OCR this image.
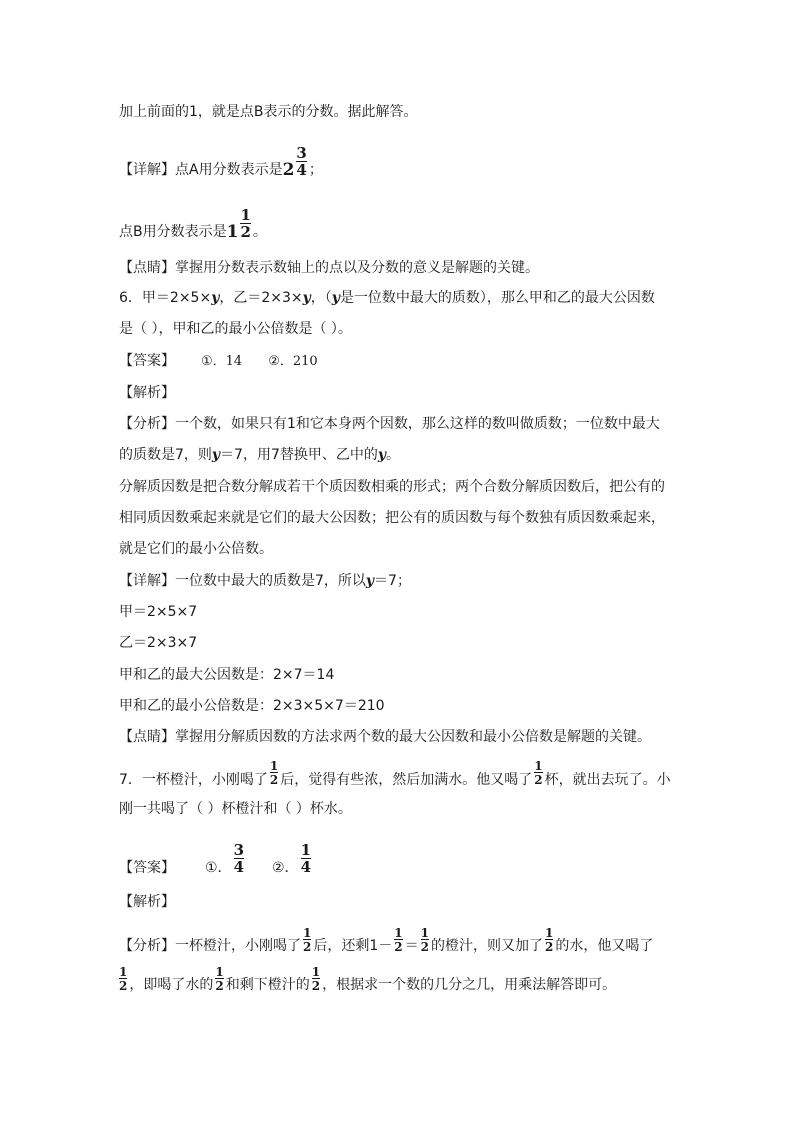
加上前面的1，就是点B表示的分数。据此解答。
【详解】点A用分数表示是$2 \frac{3}{4}$ ；
点B用分数表示是$1 \frac{1}{2}$ 。
【点睛】掌握用分数表示数轴上的点以及分数的意义是解题的关键。
6．甲＝2×5×y，乙＝2×3×y，（y是一位数中最大的质数），那么甲和乙的最大公因数
是（ ），甲和乙的最小公倍数是（ ）。
【答案】 ①．14 ②．210
【解析】
【分析】一个数，如果只有1和它本身两个因数，那么这样的数叫做质数；一位数中最大
的质数是7，则y＝7，用7替换甲、乙中的y。
分解质因数是把合数分解成若干个质因数相乘的形式；两个合数分解质因数后，把公有的
相同质因数乘起来就是它们的最大公因数；把公有的质因数与每个数独有质因数乘起来，
就是它们的最小公倍数。
【详解】一位数中最大的质数是7，所以y＝7；
甲＝2×5×7
乙＝2×3×7
甲和乙的最大公因数是：2×7＝14
甲和乙的最小公倍数是：2×3×5×7＝210
【点睛】掌握用分解质因数的方法求两个数的最大公因数和最小公倍数是解题的关键。
7．一杯橙汁，小刚喝了 $\frac{1}{2}$ 后，觉得有些浓，然后加满水。他又喝了 $\frac{1}{2}$ 杯，就出去玩了。小
刚一共喝了（ ）杯橙汁和（ ）杯水。
【答案】 ①． $\frac{3}{4}$ ②． $\frac{1}{4}$
【解析】
【分析】一杯橙汁，小刚喝了 $\frac{1}{2}$ 后，还剩$1- \frac{1}{2} = \frac{1}{2}$ 的橙汁，则又加了 $\frac{1}{2}$ 的水，他又喝了
$\frac{1}{2}$ ，即喝了水的 $\frac{1}{2}$ 和剩下橙汁的 $\frac{1}{2}$ ，根据求一个数的几分之几，用乘法解答即可。
